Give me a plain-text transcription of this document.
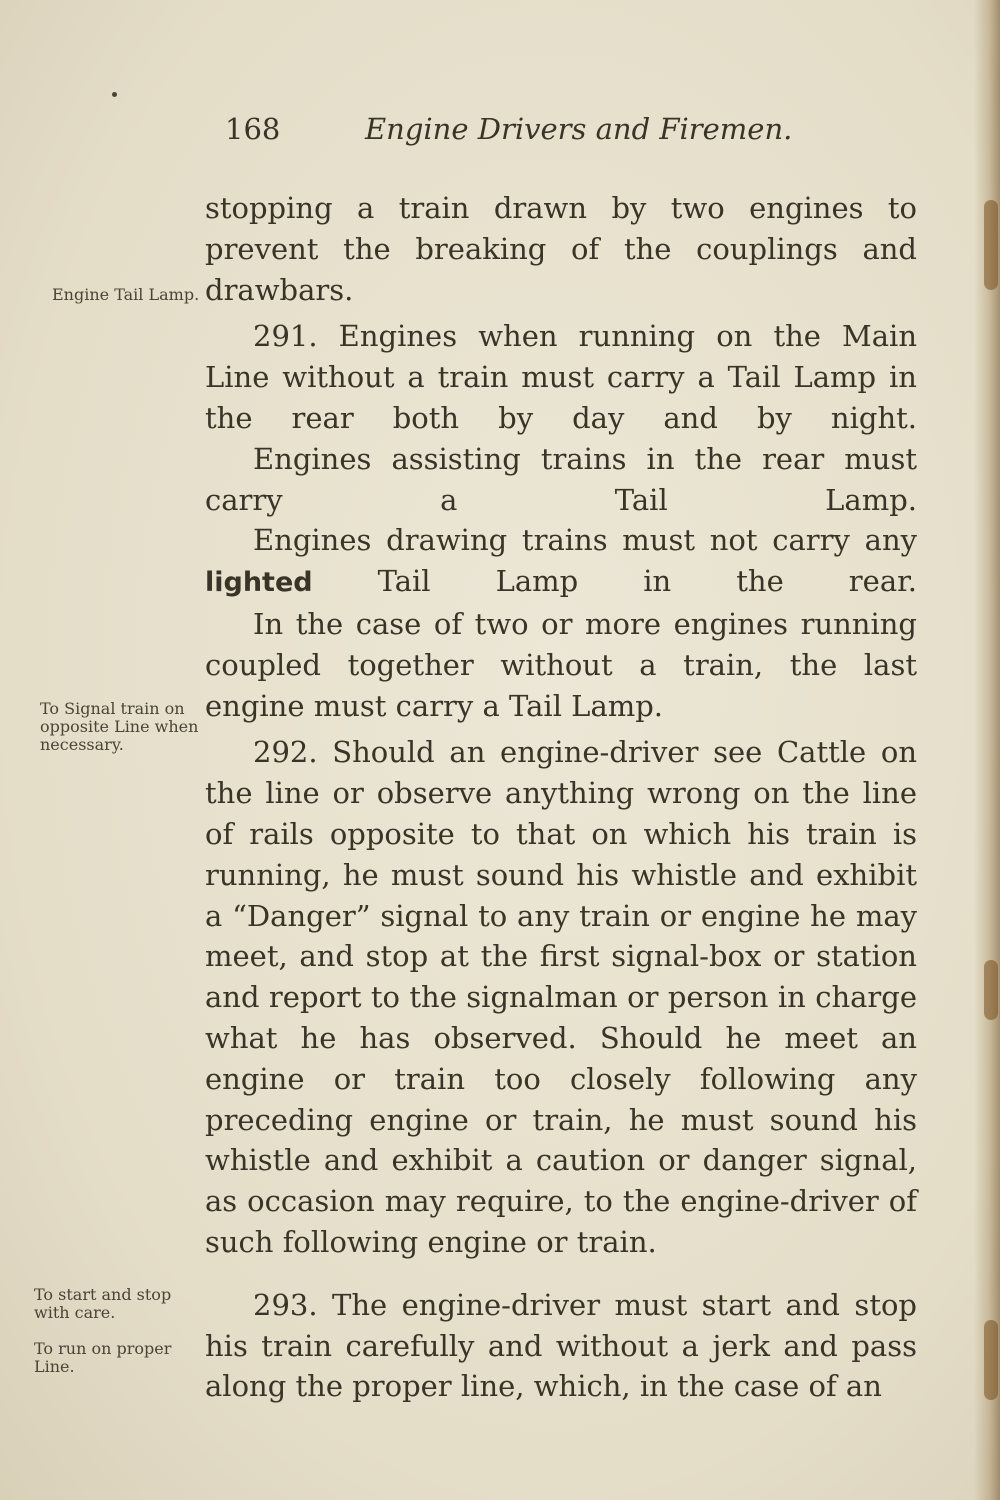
168	Engine Drivers and Firemen.
Engine Tail Lamp.
To Signal train on opposite Line when necessary.
To start and stop with care.
To run on proper Line.

stopping a train drawn by two engines to prevent the breaking of the couplings and drawbars.

291. Engines when running on the Main Line without a train must carry a Tail Lamp in the rear both by day and by night.

Engines assisting trains in the rear must carry a Tail Lamp.

Engines drawing trains must not carry any lighted Tail Lamp in the rear.

In the case of two or more engines running coupled together without a train, the last engine must carry a Tail Lamp.

292. Should an engine-driver see Cattle on the line or observe anything wrong on the line of rails opposite to that on which his train is running, he must sound his whistle and exhibit a “Danger” signal to any train or engine he may meet, and stop at the first signal-box or station and report to the signalman or person in charge what he has observed. Should he meet an engine or train too closely following any preceding engine or train, he must sound his whistle and exhibit a caution or danger signal, as occasion may require, to the engine-driver of such following engine or train.

293. The engine-driver must start and stop his train carefully and without a jerk and pass along the proper line, which, in the case of an
